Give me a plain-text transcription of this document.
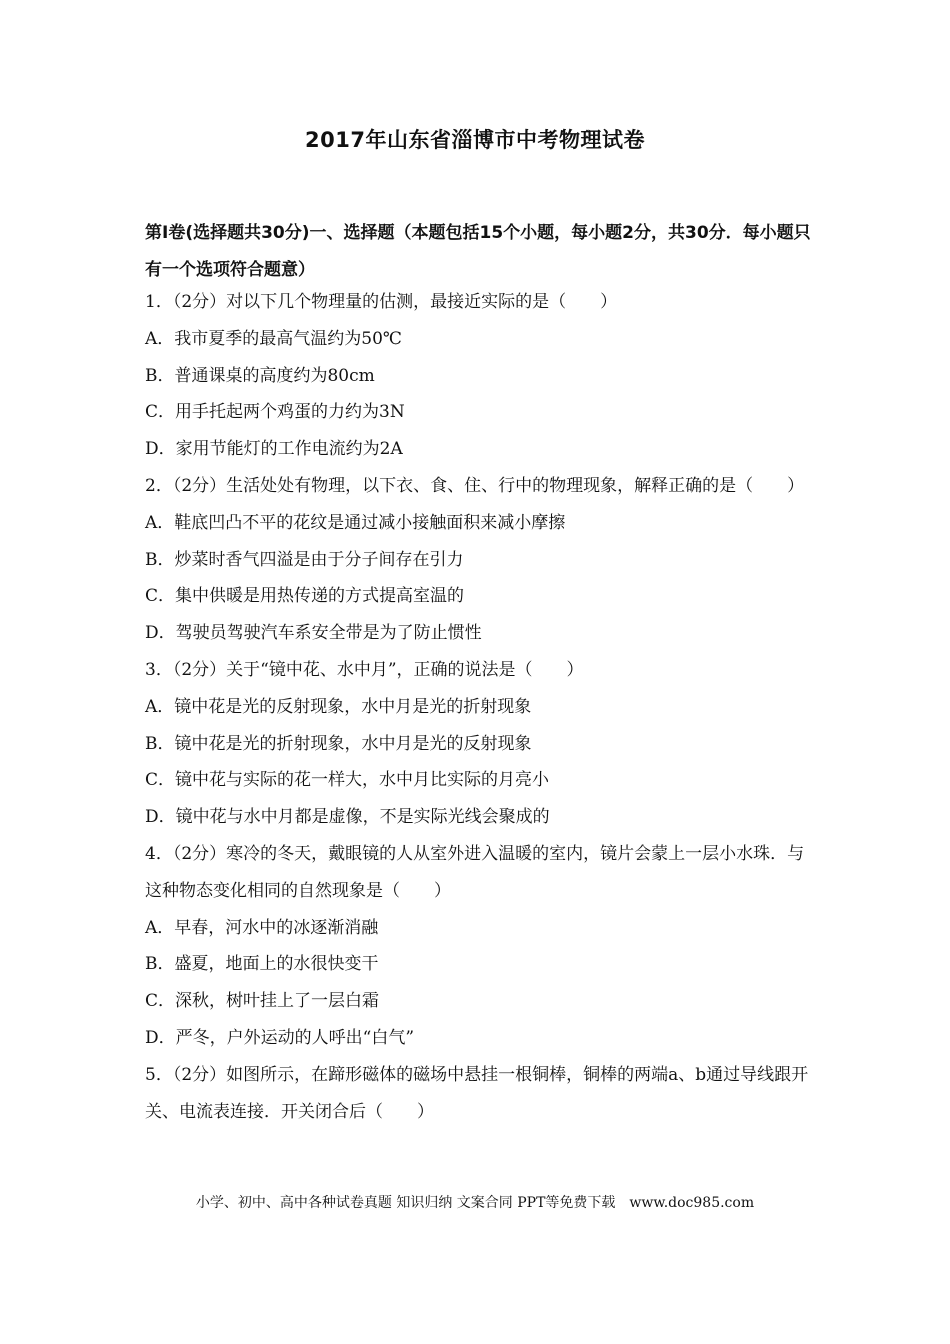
2017年山东省淄博市中考物理试卷
第Ⅰ卷(选择题共30分)一、选择题（本题包括15个小题，每小题2分，共30分．每小题只有一个选项符合题意）
1．（2分）对以下几个物理量的估测，最接近实际的是（　　）
A．我市夏季的最高气温约为50℃
B．普通课桌的高度约为80cm
C．用手托起两个鸡蛋的力约为3N
D．家用节能灯的工作电流约为2A
2．（2分）生活处处有物理，以下衣、食、住、行中的物理现象，解释正确的是（　　）
A．鞋底凹凸不平的花纹是通过减小接触面积来减小摩擦
B．炒菜时香气四溢是由于分子间存在引力
C．集中供暖是用热传递的方式提高室温的
D．驾驶员驾驶汽车系安全带是为了防止惯性
3．（2分）关于“镜中花、水中月”，正确的说法是（　　）
A．镜中花是光的反射现象，水中月是光的折射现象
B．镜中花是光的折射现象，水中月是光的反射现象
C．镜中花与实际的花一样大，水中月比实际的月亮小
D．镜中花与水中月都是虚像，不是实际光线会聚成的
4．（2分）寒冷的冬天，戴眼镜的人从室外进入温暖的室内，镜片会蒙上一层小水珠．与这种物态变化相同的自然现象是（　　）
A．早春，河水中的冰逐渐消融
B．盛夏，地面上的水很快变干
C．深秋，树叶挂上了一层白霜
D．严冬，户外运动的人呼出“白气”
5．（2分）如图所示，在蹄形磁体的磁场中悬挂一根铜棒，铜棒的两端a、b通过导线跟开关、电流表连接．开关闭合后（　　）
小学、初中、高中各种试卷真题 知识归纳 文案合同 PPT等免费下载　www.doc985.com
